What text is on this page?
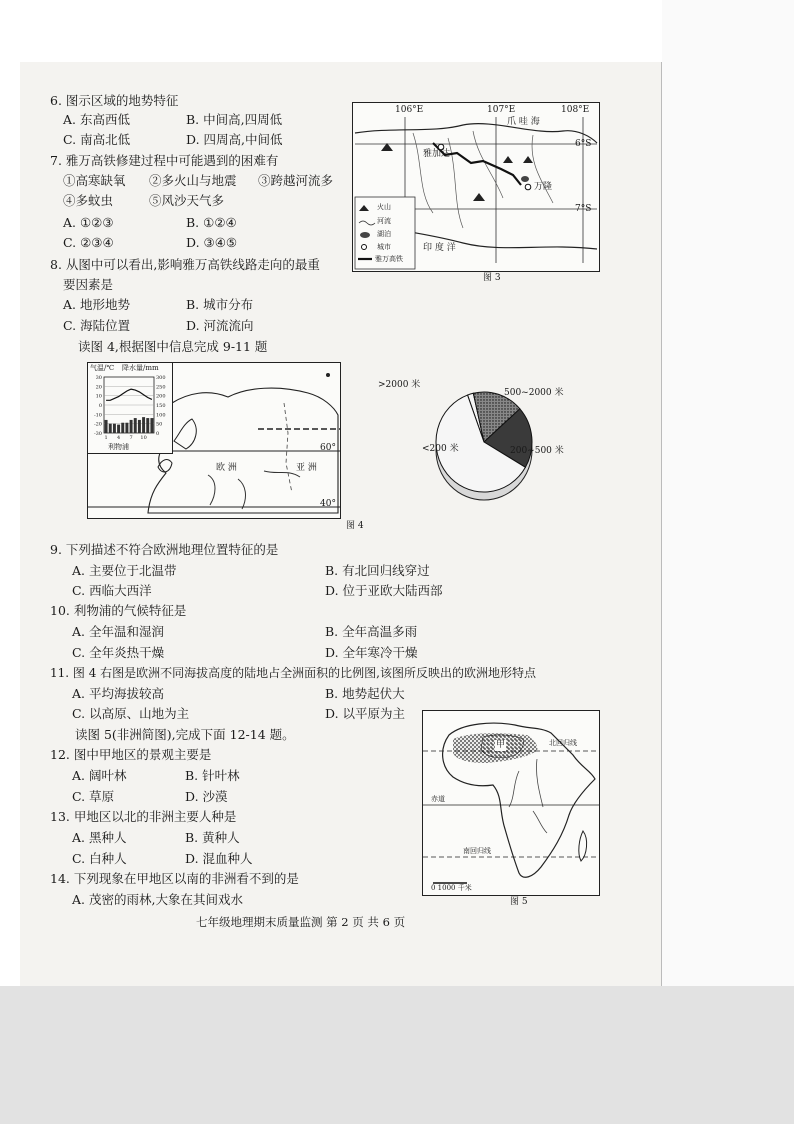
6. 图示区域的地势特征
A. 东高西低	B. 中间高,四周低
C. 南高北低	D. 四周高,中间低
7. 雅万高铁修建过程中可能遇到的困难有
①高寒缺氧 ②多火山与地震 ③跨越河流多
④多蚊虫	⑤风沙天气多
A. ①②③	B. ①②④
C. ②③④	D. ③④⑤
8. 从图中可以看出,影响雅万高铁线路走向的最重
要因素是
A. 地形地势	B. 城市分布
C. 海陆位置	D. 河流流向
读图 4,根据图中信息完成 9-11 题
106°E	107°E	108°E
6°S
7°S
爪 哇 海
雅加达
万隆
印 度 洋
火山
河流
湖泊
城市
雅万高铁
图 3
60°
40°
欧 洲	亚 洲
气温/℃ 降水量/mm
30
20
10
0
-10
-20
-30
300
250
200
150
100
50
0
1 4 7 10
利物浦
>2000 米
500~2000 米
200~500 米
<200 米
图 4
9. 下列描述不符合欧洲地理位置特征的是
A. 主要位于北温带	B. 有北回归线穿过
C. 西临大西洋	D. 位于亚欧大陆西部
10. 利物浦的气候特征是
A. 全年温和湿润	B. 全年高温多雨
C. 全年炎热干燥	D. 全年寒冷干燥
11. 图 4 右图是欧洲不同海拔高度的陆地占全洲面积的比例图,该图所反映出的欧洲地形特点
A. 平均海拔较高	B. 地势起伏大
C. 以高原、山地为主	D. 以平原为主
读图 5(非洲简图),完成下面 12-14 题。
12. 图中甲地区的景观主要是
A. 阔叶林	B. 针叶林
C. 草原	D. 沙漠
13. 甲地区以北的非洲主要人种是
A. 黑种人	B. 黄种人
C. 白种人	D. 混血种人
14. 下列现象在甲地区以南的非洲看不到的是
A. 茂密的雨林,大象在其间戏水
甲	北回归线
赤道
南回归线
0 1000 千米
图 5
七年级地理期末质量监测 第 2 页 共 6 页
